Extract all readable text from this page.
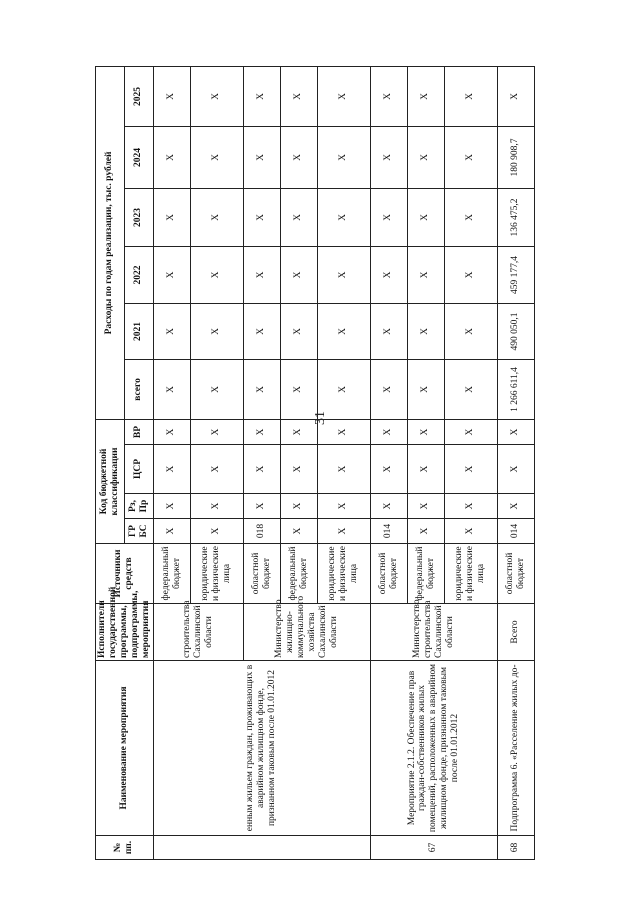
31
№ пп.	Наименование мероприятия	Исполнители государственной программы, подпрограммы, мероприятия	Источники средств	Код бюджетной классификации				Расходы по годам реализации, тыс. рублей					
				ГР БС	Рз, Пр	ЦСР	ВР	всего	2021	2022	2023	2024	2025
	енным жильем граждан, проживающих в аварийном жилищном фонде, признанном таковым после 01.01.2012	строительства Сахалинской области	федеральный бюджет	X	X	X	X	X	X	X	X	X	X
			юридические и физические лица	X	X	X	X	X	X	X	X	X	X
		Министерство жилищно-коммунального хозяйства Сахалинской области	областной бюджет	018	X	X	X	X	X	X	X	X	X
			федеральный бюджет	X	X	X	X	X	X	X	X	X	X
			юридические и физические лица	X	X	X	X	X	X	X	X	X	X
67	Мероприятие 2.1.2. Обеспечение прав граждан-собственников жилых помещений, расположенных в аварийном жилищном фонде, признанном таковым после 01.01.2012	Министерство строительства Сахалинской области	областной бюджет	014	X	X	X	X	X	X	X	X	X
			федеральный бюджет	X	X	X	X	X	X	X	X	X	X
			юридические и физические лица	X	X	X	X	X	X	X	X	X	X
68	Подпрограмма 6. «Расселение жилых до-	Всего	областной бюджет	014	X	X	X	1 266 611,4	490 050,1	459 177,4	136 475,2	180 908,7	X
